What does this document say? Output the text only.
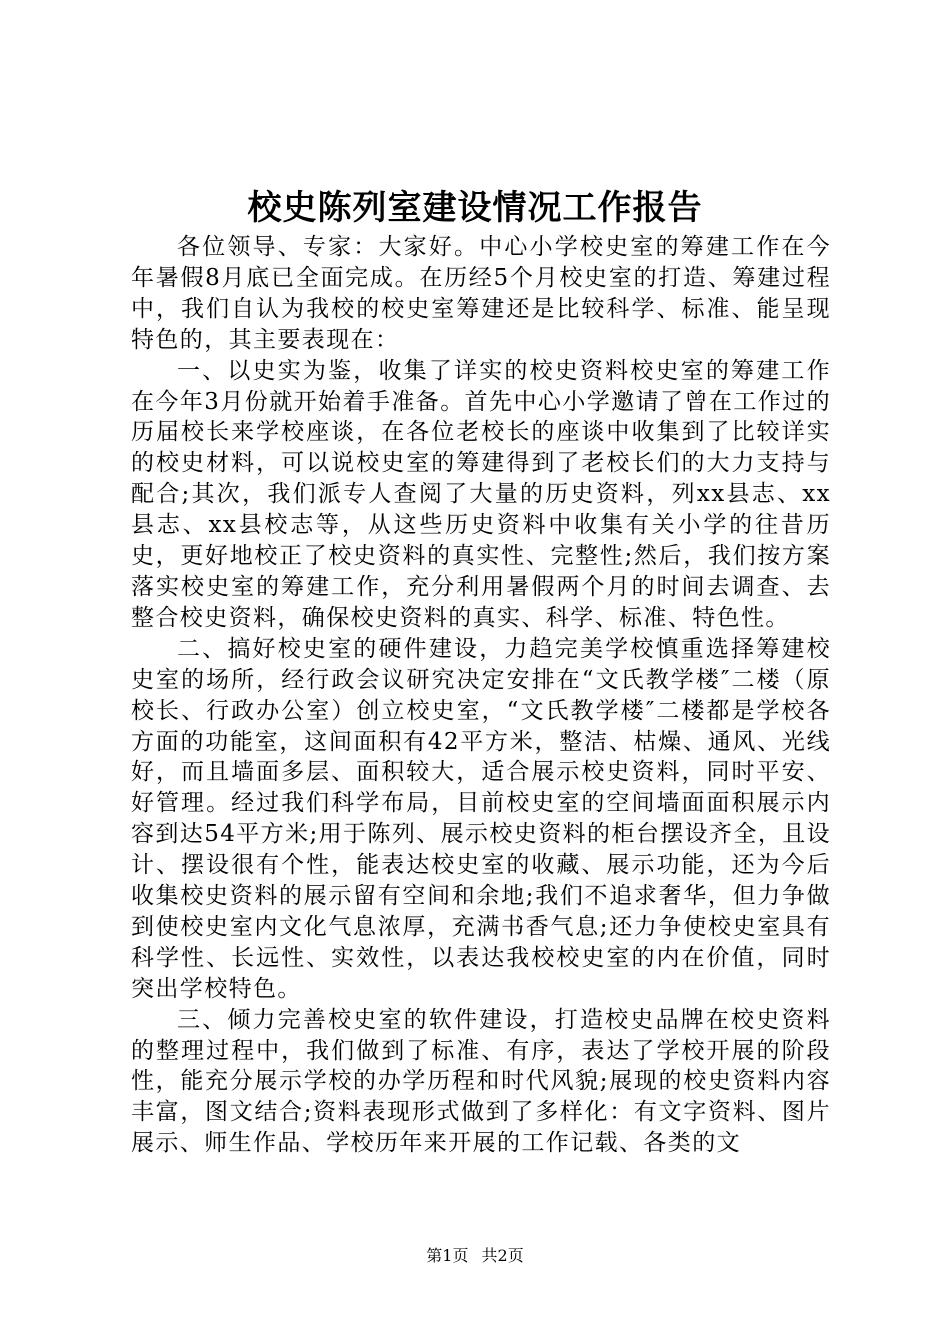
校史陈列室建设情况工作报告

各位领导、专家：大家好。中心小学校史室的筹建工作在今年暑假8月底已全面完成。在历经5个月校史室的打造、筹建过程中，我们自认为我校的校史室筹建还是比较科学、标准、能呈现特色的，其主要表现在：

一、以史实为鉴，收集了详实的校史资料校史室的筹建工作在今年3月份就开始着手准备。首先中心小学邀请了曾在工作过的历届校长来学校座谈，在各位老校长的座谈中收集到了比较详实的校史材料，可以说校史室的筹建得到了老校长们的大力支持与配合;其次，我们派专人查阅了大量的历史资料，列xx县志、xx县志、xx县校志等，从这些历史资料中收集有关小学的往昔历史，更好地校正了校史资料的真实性、完整性;然后，我们按方案落实校史室的筹建工作，充分利用暑假两个月的时间去调查、去整合校史资料，确保校史资料的真实、科学、标准、特色性。

二、搞好校史室的硬件建设，力趋完美学校慎重选择筹建校史室的场所，经行政会议研究决定安排在“文氏教学楼″二楼（原校长、行政办公室）创立校史室，“文氏教学楼″二楼都是学校各方面的功能室，这间面积有42平方米，整洁、枯燥、通风、光线好，而且墙面多层、面积较大，适合展示校史资料，同时平安、好管理。经过我们科学布局，目前校史室的空间墙面面积展示内容到达54平方米;用于陈列、展示校史资料的柜台摆设齐全，且设计、摆设很有个性，能表达校史室的收藏、展示功能，还为今后收集校史资料的展示留有空间和余地;我们不追求奢华，但力争做到使校史室内文化气息浓厚，充满书香气息;还力争使校史室具有科学性、长远性、实效性，以表达我校校史室的内在价值，同时突出学校特色。

三、倾力完善校史室的软件建设，打造校史品牌在校史资料的整理过程中，我们做到了标准、有序，表达了学校开展的阶段性，能充分展示学校的办学历程和时代风貌;展现的校史资料内容丰富，图文结合;资料表现形式做到了多样化：有文字资料、图片展示、师生作品、学校历年来开展的工作记载、各类的文

第1页 共2页
